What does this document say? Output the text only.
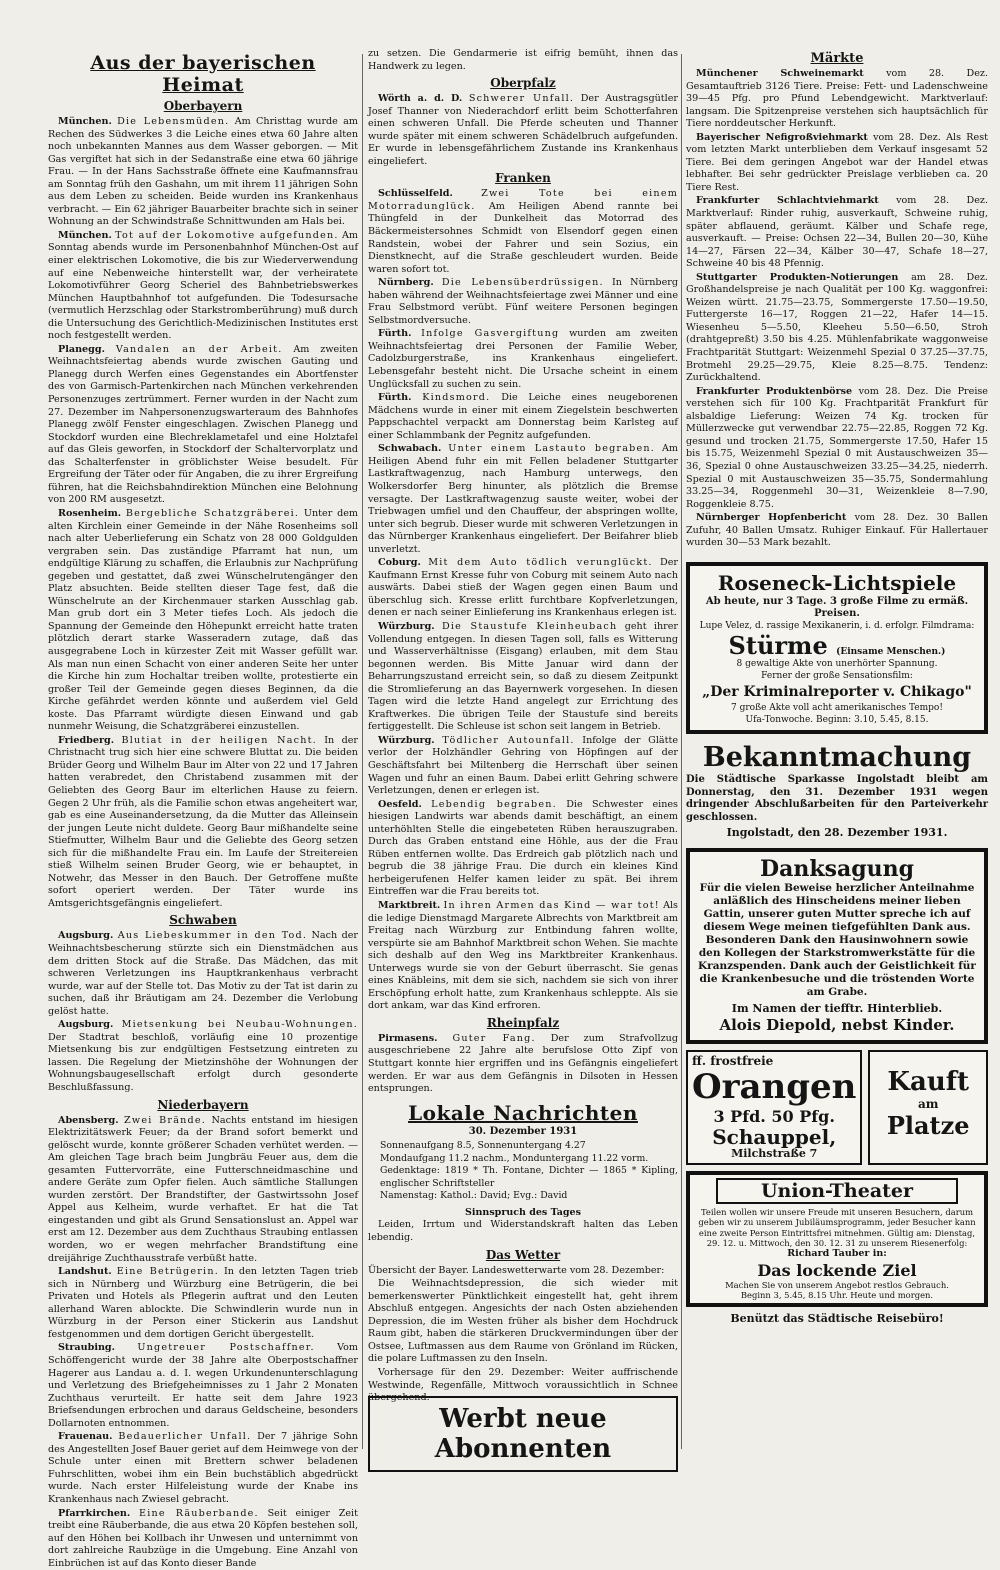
Aus der bayerischen Heimat
Oberbayern

München. Die Lebensmüden. Am Christtag wurde am Rechen des Südwerkes 3 die Leiche eines etwa 60 Jahre alten noch unbekannten Mannes aus dem Wasser geborgen. — Mit Gas vergiftet hat sich in der Sedanstraße eine etwa 60 jährige Frau. — In der Hans Sachsstraße öffnete eine Kaufmannsfrau am Sonntag früh den Gashahn, um mit ihrem 11 jährigen Sohn aus dem Leben zu scheiden. Beide wurden ins Krankenhaus verbracht. — Ein 62 jähriger Bauarbeiter brachte sich in seiner Wohnung an der Schwindstraße Schnittwunden am Hals bei.

München. Tot auf der Lokomotive aufgefunden. Am Sonntag abends wurde im Personenbahnhof München-Ost auf einer elektrischen Lokomotive, die bis zur Wiederverwendung auf eine Nebenweiche hinterstellt war, der verheiratete Lokomotivführer Georg Scheriel des Bahnbetriebswerkes München Hauptbahnhof tot aufgefunden. Die Todesursache (vermutlich Herzschlag oder Starkstromberührung) muß durch die Untersuchung des Gerichtlich-Medizinischen Institutes erst noch festgestellt werden.

Planegg. Vandalen an der Arbeit. Am zweiten Weihnachtsfeiertag abends wurde zwischen Gauting und Planegg durch Werfen eines Gegenstandes ein Abortfenster des von Garmisch-Partenkirchen nach München verkehrenden Personenzuges zertrümmert. Ferner wurden in der Nacht zum 27. Dezember im Nahpersonenzugswarteraum des Bahnhofes Planegg zwölf Fenster eingeschlagen. Zwischen Planegg und Stockdorf wurden eine Blechreklametafel und eine Holztafel auf das Gleis geworfen, in Stockdorf der Schaltervorplatz und das Schalterfenster in gröblichster Weise besudelt. Für Ergreifung der Täter oder für Angaben, die zu ihrer Ergreifung führen, hat die Reichsbahndirektion München eine Belohnung von 200 RM ausgesetzt.

Rosenheim. Bergebliche Schatzgräberei. Unter dem alten Kirchlein einer Gemeinde in der Nähe Rosenheims soll nach alter Ueberlieferung ein Schatz von 28 000 Goldgulden vergraben sein. Das zuständige Pfarramt hat nun, um endgültige Klärung zu schaffen, die Erlaubnis zur Nachprüfung gegeben und gestattet, daß zwei Wünschelrutengänger den Platz absuchten. Beide stellten dieser Tage fest, daß die Wünschelrute an der Kirchenmauer starken Ausschlag gab. Man grub dort ein 3 Meter tiefes Loch. Als jedoch die Spannung der Gemeinde den Höhepunkt erreicht hatte traten plötzlich derart starke Wasseradern zutage, daß das ausgegrabene Loch in kürzester Zeit mit Wasser gefüllt war. Als man nun einen Schacht von einer anderen Seite her unter die Kirche hin zum Hochaltar treiben wollte, protestierte ein großer Teil der Gemeinde gegen dieses Beginnen, da die Kirche gefährdet werden könnte und außerdem viel Geld koste. Das Pfarramt würdigte diesen Einwand und gab nunmehr Weisung, die Schatzgräberei einzustellen.

Friedberg. Blutiat in der heiligen Nacht. In der Christnacht trug sich hier eine schwere Bluttat zu. Die beiden Brüder Georg und Wilhelm Baur im Alter von 22 und 17 Jahren hatten verabredet, den Christabend zusammen mit der Geliebten des Georg Baur im elterlichen Hause zu feiern. Gegen 2 Uhr früh, als die Familie schon etwas angeheitert war, gab es eine Auseinandersetzung, da die Mutter das Alleinsein der jungen Leute nicht duldete. Georg Baur mißhandelte seine Stiefmutter, Wilhelm Baur und die Geliebte des Georg setzen sich für die mißhandelte Frau ein. Im Laufe der Streitereien stieß Wilhelm seinen Bruder Georg, wie er behauptet, in Notwehr, das Messer in den Bauch. Der Getroffene mußte sofort operiert werden. Der Täter wurde ins Amtsgerichtsgefängnis eingeliefert.

Schwaben

Augsburg. Aus Liebeskummer in den Tod. Nach der Weihnachtsbescherung stürzte sich ein Dienstmädchen aus dem dritten Stock auf die Straße. Das Mädchen, das mit schweren Verletzungen ins Hauptkrankenhaus verbracht wurde, war auf der Stelle tot. Das Motiv zu der Tat ist darin zu suchen, daß ihr Bräutigam am 24. Dezember die Verlobung gelöst hatte.

Augsburg. Mietsenkung bei Neubau-Wohnungen. Der Stadtrat beschloß, vorläufig eine 10 prozentige Mietsenkung bis zur endgültigen Festsetzung eintreten zu lassen. Die Regelung der Mietzinshöhe der Wohnungen der Wohnungsbaugesellschaft erfolgt durch gesonderte Beschlußfassung.

Niederbayern

Abensberg. Zwei Brände. Nachts entstand im hiesigen Elektrizitätswerk Feuer; da der Brand sofort bemerkt und gelöscht wurde, konnte größerer Schaden verhütet werden. — Am gleichen Tage brach beim Jungbräu Feuer aus, dem die gesamten Futtervorräte, eine Futterschneidmaschine und andere Geräte zum Opfer fielen. Auch sämtliche Stallungen wurden zerstört. Der Brandstifter, der Gastwirtssohn Josef Appel aus Kelheim, wurde verhaftet. Er hat die Tat eingestanden und gibt als Grund Sensationslust an. Appel war erst am 12. Dezember aus dem Zuchthaus Straubing entlassen worden, wo er wegen mehrfacher Brandstiftung eine dreijährige Zuchthausstrafe verbüßt hatte.

Landshut. Eine Betrügerin. In den letzten Tagen trieb sich in Nürnberg und Würzburg eine Betrügerin, die bei Privaten und Hotels als Pflegerin auftrat und den Leuten allerhand Waren ablockte. Die Schwindlerin wurde nun in Würzburg in der Person einer Stickerin aus Landshut festgenommen und dem dortigen Gericht übergestellt.

Straubing. Ungetreuer Postschaffner. Vom Schöffengericht wurde der 38 Jahre alte Oberpostschaffner Hagerer aus Landau a. d. I. wegen Urkundenunterschlagung und Verletzung des Briefgeheimnisses zu 1 Jahr 2 Monaten Zuchthaus verurteilt. Er hatte seit dem Jahre 1923 Briefsendungen erbrochen und daraus Geldscheine, besonders Dollarnoten entnommen.

Frauenau. Bedauerlicher Unfall. Der 7 jährige Sohn des Angestellten Josef Bauer geriet auf dem Heimwege von der Schule unter einen mit Brettern schwer beladenen Fuhrschlitten, wobei ihm ein Bein buchstäblich abgedrückt wurde. Nach erster Hilfeleistung wurde der Knabe ins Krankenhaus nach Zwiesel gebracht.

Pfarrkirchen. Eine Räuberbande. Seit einiger Zeit treibt eine Räuberbande, die aus etwa 20 Köpfen bestehen soll, auf den Höhen bei Kollbach ihr Unwesen und unternimmt von dort zahlreiche Raubzüge in die Umgebung. Eine Anzahl von Einbrüchen ist auf das Konto dieser Bande

zu setzen. Die Gendarmerie ist eifrig bemüht, ihnen das Handwerk zu legen.

Oberpfalz

Wörth a. d. D. Schwerer Unfall. Der Austragsgütler Josef Thanner von Niederachdorf erlitt beim Schotterfahren einen schweren Unfall. Die Pferde scheuten und Thanner wurde später mit einem schweren Schädelbruch aufgefunden. Er wurde in lebensgefährlichem Zustande ins Krankenhaus eingeliefert.

Franken

Schlüsselfeld.	Zwei Tote bei einem Motorradunglück. Am Heiligen Abend rannte bei Thüngfeld in der Dunkelheit das Motorrad des Bäckermeistersohnes Schmidt von Elsendorf gegen einen Randstein, wobei der Fahrer und sein Sozius, ein Dienstknecht, auf die Straße geschleudert wurden. Beide waren sofort tot.

Nürnberg. Die Lebensüberdrüssigen. In Nürnberg haben während der Weihnachtsfeiertage zwei Männer und eine Frau Selbstmord verübt. Fünf weitere Personen begingen Selbstmordversuche.

Fürth. Infolge Gasvergiftung wurden am zweiten Weihnachtsfeiertag drei Personen der Familie Weber, Cadolzburgerstraße, ins Krankenhaus eingeliefert. Lebensgefahr besteht nicht. Die Ursache scheint in einem Unglücksfall zu suchen zu sein.

Fürth. Kindsmord. Die Leiche eines neugeborenen Mädchens wurde in einer mit einem Ziegelstein beschwerten Pappschachtel verpackt am Donnerstag beim Karlsteg auf einer Schlammbank der Pegnitz aufgefunden.

Schwabach. Unter einem Lastauto begraben. Am Heiligen Abend fuhr ein mit Fellen beladener Stuttgarter Lastkraftwagenzug, nach Hamburg unterwegs, den Wolkersdorfer Berg hinunter, als plötzlich die Bremse versagte. Der Lastkraftwagenzug sauste weiter, wobei der Triebwagen umfiel und den Chauffeur, der abspringen wollte, unter sich begrub. Dieser wurde mit schweren Verletzungen in das Nürnberger Krankenhaus eingeliefert. Der Beifahrer blieb unverletzt.

Coburg. Mit dem Auto tödlich verunglückt. Der Kaufmann Ernst Kresse fuhr von Coburg mit seinem Auto nach auswärts. Dabei stieß der Wagen gegen einen Baum und überschlug sich. Kresse erlitt furchtbare Kopfverletzungen, denen er nach seiner Einlieferung ins Krankenhaus erlegen ist.

Würzburg. Die Staustufe Kleinheubach geht ihrer Vollendung entgegen. In diesen Tagen soll, falls es Witterung und Wasserverhältnisse (Eisgang) erlauben, mit dem Stau begonnen werden. Bis Mitte Januar wird dann der Beharrungszustand erreicht sein, so daß zu diesem Zeitpunkt die Stromlieferung an das Bayernwerk vorgesehen. In diesen Tagen wird die letzte Hand angelegt zur Errichtung des Kraftwerkes. Die übrigen Teile der Staustufe sind bereits fertiggestellt. Die Schleuse ist schon seit langem in Betrieb.

Würzburg. Tödlicher Autounfall. Infolge der Glätte verlor der Holzhändler Gehring von Höpfingen auf der Geschäftsfahrt bei Miltenberg die Herrschaft über seinen Wagen und fuhr an einen Baum. Dabei erlitt Gehring schwere Verletzungen, denen er erlegen ist.

Oesfeld. Lebendig begraben. Die Schwester eines hiesigen Landwirts war abends damit beschäftigt, an einem unterhöhlten Stelle die eingebeteten Rüben herauszugraben. Durch das Graben entstand eine Höhle, aus der die Frau Rüben entfernen wollte. Das Erdreich gab plötzlich nach und begrub die 38 jährige Frau. Die durch ein kleines Kind herbeigerufenen Helfer kamen leider zu spät. Bei ihrem Eintreffen war die Frau bereits tot.

Marktbreit. In ihren Armen das Kind — war tot! Als die ledige Dienstmagd Margarete Albrechts von Marktbreit am Freitag nach Würzburg zur Entbindung fahren wollte, verspürte sie am Bahnhof Marktbreit schon Wehen. Sie machte sich deshalb auf den Weg ins Marktbreiter Krankenhaus. Unterwegs wurde sie von der Geburt überrascht. Sie genas eines Knäbleins, mit dem sie sich, nachdem sie sich von ihrer Erschöpfung erholt hatte, zum Krankenhaus schleppte. Als sie dort ankam, war das Kind erfroren.

Rheinpfalz

Pirmasens. Guter Fang. Der zum Strafvollzug ausgeschriebene 22 Jahre alte berufslose Otto Zipf von Stuttgart konnte hier ergriffen und ins Gefängnis eingeliefert werden. Er war aus dem Gefängnis in Dilsoten in Hessen entsprungen.

Lokale Nachrichten
30. Dezember 1931
Sonnenaufgang 8.5, Sonnenuntergang 4.27
Mondaufgang 11.2 nachm., Monduntergang 11.22 vorm.
Gedenktage: 1819 * Th. Fontane, Dichter — 1865 * Kipling, englischer Schriftsteller
Namenstag: Kathol.: David; Evg.: David
Sinnspruch des Tages

Leiden, Irrtum und Widerstandskraft halten das Leben lebendig.

Das Wetter

Übersicht der Bayer. Landeswetterwarte vom 28. Dezember:

Die Weihnachtsdepression, die sich wieder mit bemerkenswerter Pünktlichkeit eingestellt hat, geht ihrem Abschluß entgegen. Angesichts der nach Osten abziehenden Depression, die im Westen früher als bisher dem Hochdruck Raum gibt, haben die stärkeren Druckvermindungen über der Ostsee, Luftmassen aus dem Raume von Grönland im Rücken, die polare Luftmassen zu den Inseln.

Vorhersage für den 29. Dezember: Weiter auffrischende Westwinde, Regenfälle, Mittwoch voraussichtlich in Schnee übergehend.

Werbt neue Abonnenten
Märkte

Münchener Schweinemarkt vom 28. Dez. Gesamtauftrieb 3126 Tiere. Preise: Fett- und Ladenschweine 39—45 Pfg. pro Pfund Lebendgewicht. Marktverlauf: langsam. Die Spitzenpreise verstehen sich hauptsächlich für Tiere norddeutscher Herkunft.

Bayerischer Nefigroßviehmarkt vom 28. Dez. Als Rest vom letzten Markt unterblieben dem Verkauf insgesamt 52 Tiere. Bei dem geringen Angebot war der Handel etwas lebhafter. Bei sehr gedrückter Preislage verblieben ca. 20 Tiere Rest.

Frankfurter Schlachtviehmarkt vom 28. Dez. Marktverlauf: Rinder ruhig, ausverkauft, Schweine ruhig, später abflauend, geräumt. Kälber und Schafe rege, ausverkauft. — Preise: Ochsen 22—34, Bullen 20—30, Kühe 14—27, Färsen 22—34, Kälber 30—47, Schafe 18—27, Schweine 40 bis 48 Pfennig.

Stuttgarter Produkten-Notierungen am 28. Dez. Großhandelspreise je nach Qualität per 100 Kg. waggonfrei: Weizen württ. 21.75—23.75, Sommergerste 17.50—19.50, Futtergerste 16—17, Roggen 21—22, Hafer 14—15. Wiesenheu 5—5.50, Kleeheu 5.50—6.50, Stroh (drahtgepreßt) 3.50 bis 4.25. Mühlenfabrikate waggonweise Frachtparität Stuttgart: Weizenmehl Spezial 0 37.25—37.75, Brotmehl 29.25—29.75, Kleie 8.25—8.75. Tendenz: Zurückhaltend.

Frankfurter Produktenbörse vom 28. Dez. Die Preise verstehen sich für 100 Kg. Frachtparität Frankfurt für alsbaldige Lieferung: Weizen 74 Kg. trocken für Müllerzwecke gut verwendbar 22.75—22.85, Roggen 72 Kg. gesund und trocken 21.75, Sommergerste 17.50, Hafer 15 bis 15.75, Weizenmehl Spezial 0 mit Austauschweizen 35—36, Spezial 0 ohne Austauschweizen 33.25—34.25, niederrh. Spezial 0 mit Austauschweizen 35—35.75, Sondermahlung 33.25—34, Roggenmehl 30—31, Weizenkleie 8—7.90, Roggenkleie 8.75.

Nürnberger Hopfenbericht vom 28. Dez. 30 Ballen Zufuhr, 40 Ballen Umsatz. Ruhiger Einkauf. Für Hallertauer wurden 30—53 Mark bezahlt.

Roseneck-Lichtspiele
Ab heute, nur 3 Tage. 3 große Filme zu ermäß. Preisen.
Lupe Velez, d. rassige Mexikanerin, i. d. erfolgr. Filmdrama:
Stürme (Einsame Menschen.)
8 gewaltige Akte von unerhörter Spannung.
Ferner der große Sensationsfilm:
„Der Kriminalreporter v. Chikago"
7 große Akte voll acht amerikanisches Tempo!
Ufa-Tonwoche. Beginn: 3.10, 5.45, 8.15.
Bekanntmachung
Die Städtische Sparkasse Ingolstadt bleibt am Donnerstag, den 31. Dezember 1931 wegen dringender Abschlußarbeiten für den Parteiverkehr geschlossen.
Ingolstadt, den 28. Dezember 1931.
Danksagung
Für die vielen Beweise herzlicher Anteilnahme anläßlich des Hinscheidens meiner lieben Gattin, unserer guten Mutter spreche ich auf diesem Wege meinen tiefgefühlten Dank aus. Besonderen Dank den Hausinwohnern sowie den Kollegen der Starkstromwerkstätte für die Kranzspenden. Dank auch der Geistlichkeit für die Krankenbesuche und die tröstenden Worte am Grabe.
Im Namen der tiefftr. Hinterblieb.
Alois Diepold, nebst Kinder.
ff. frostfreie
Orangen
3 Pfd. 50 Pfg.
Schauppel,
Milchstraße 7
Kauft
am
Platze
Union-Theater
Teilen wollen wir unsere Freude mit unseren Besuchern, darum geben wir zu unserem Jubiläumsprogramm, jeder Besucher kann eine zweite Person Eintrittsfrei mitnehmen. Gültig am: Dienstag, 29. 12. u. Mittwoch, den 30. 12. 31 zu unserem Riesenerfolg:
Richard Tauber in:
Das lockende Ziel
Machen Sie von unserem Angebot restlos Gebrauch.
Beginn 3, 5.45, 8.15 Uhr. Heute und morgen.
Benützt das Städtische Reisebüro!
